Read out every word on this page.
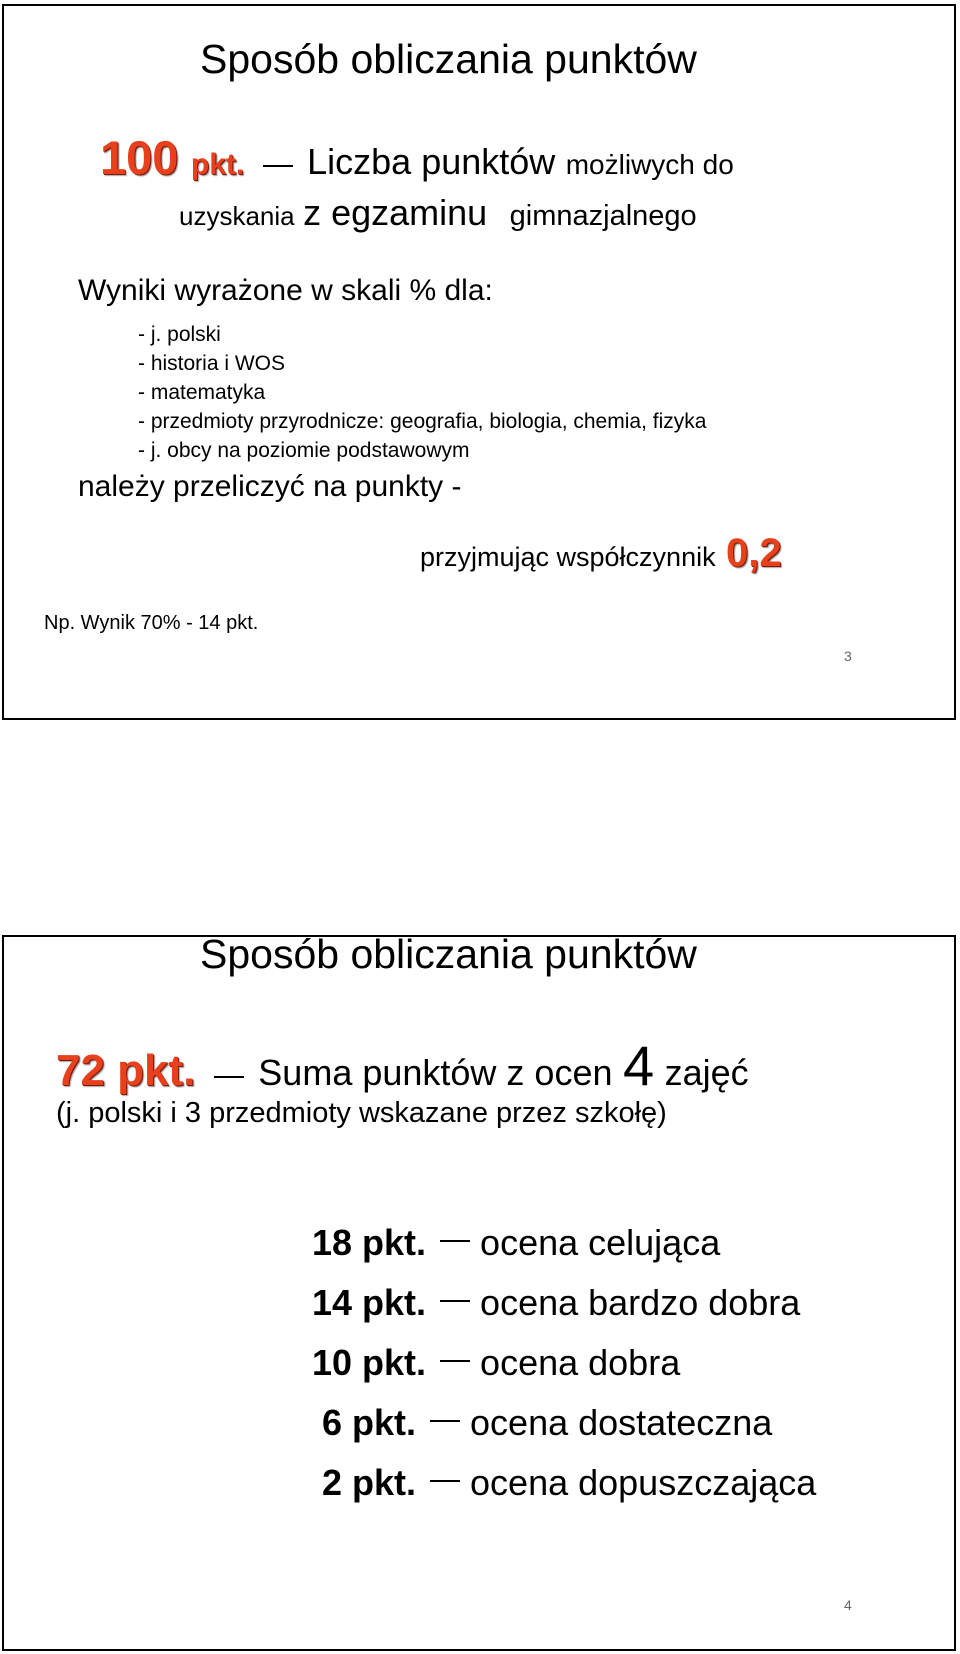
Sposób obliczania punktów
100 pkt. Liczba punktów możliwych do
uzyskania z egzaminu gimnazjalnego
Wyniki wyrażone w skali % dla:
- j. polski
- historia i WOS
- matematyka
- przedmioty przyrodnicze: geografia, biologia, chemia, fizyka
- j. obcy na poziomie podstawowym
należy przeliczyć na punkty -
przyjmując współczynnik 0,2
Np. Wynik 70% - 14 pkt.
3
Sposób obliczania punktów
72 pkt. Suma punktów z ocen 4 zajęć
(j. polski i 3 przedmioty wskazane przez szkołę)
18 pkt. ocena celująca
14 pkt. ocena bardzo dobra
10 pkt. ocena dobra
6 pkt. ocena dostateczna
2 pkt. ocena dopuszczająca
4
